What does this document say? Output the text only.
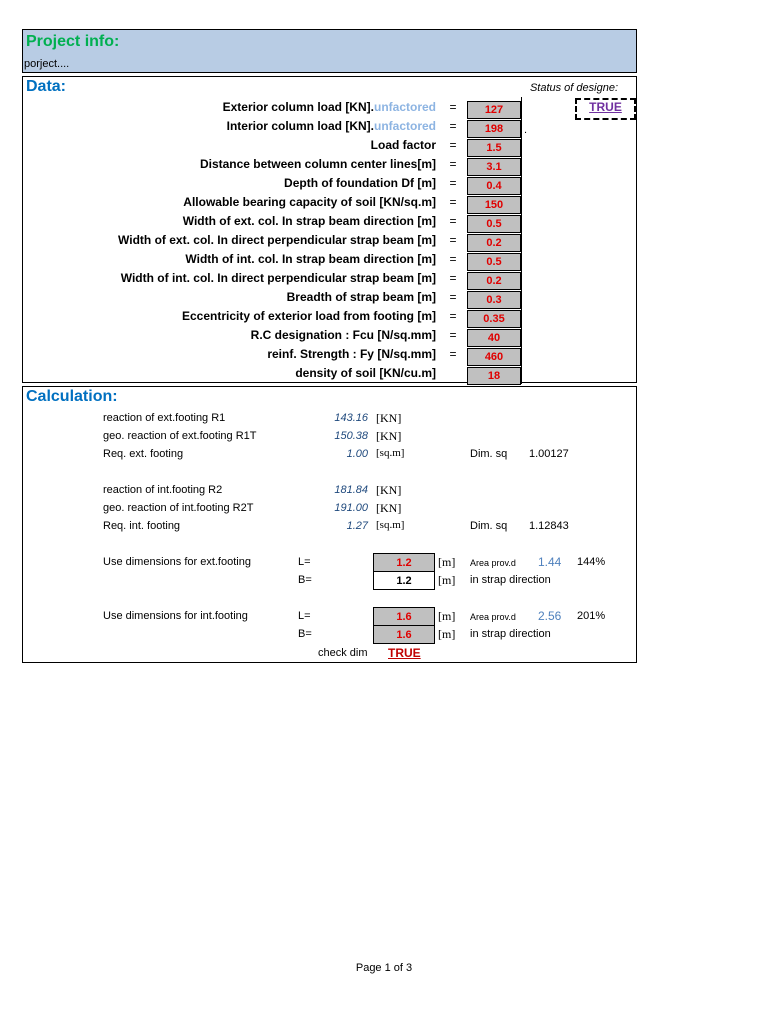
Project info:
porject....
Data:	Status of designe:
TRUE
.
Exterior column load [KN].unfactored =	127
Interior column load [KN].unfactored =	198
Load factor =	1.5
Distance between column center lines[m] =	3.1
Depth of foundation Df [m] =	0.4
Allowable bearing capacity of soil [KN/sq.m] =	150
Width of ext. col. In strap beam direction [m] =	0.5
Width of ext. col. In direct perpendicular strap beam [m] =	0.2
Width of int. col. In strap beam direction [m] =	0.5
Width of int. col. In direct perpendicular strap beam [m] =	0.2
Breadth of strap beam [m] =	0.3
Eccentricity of exterior load from footing [m] =	0.35
R.C designation : Fcu [N/sq.mm] =	40
reinf. Strength : Fy [N/sq.mm] =	460
density of soil [KN/cu.m]	18
Calculation:
reaction of ext.footing R1	143.16 [KN]
geo. reaction of ext.footing R1T	150.38 [KN]
Req. ext. footing	1.00 [sq.m]	Dim. sq 1.00127
reaction of int.footing R2	181.84 [KN]
geo. reaction of int.footing R2T	191.00 [KN]
Req. int. footing	1.27 [sq.m]	Dim. sq 1.12843
Use dimensions for ext.footing	L=	1.2	[m] Area prov.d 1.44 144%
B=	1.2	[m] in strap direction
Use dimensions for int.footing	L=	1.6	[m] Area prov.d 2.56 201%
B=	1.6	[m] in strap direction
check dim TRUE
Page 1 of 3
